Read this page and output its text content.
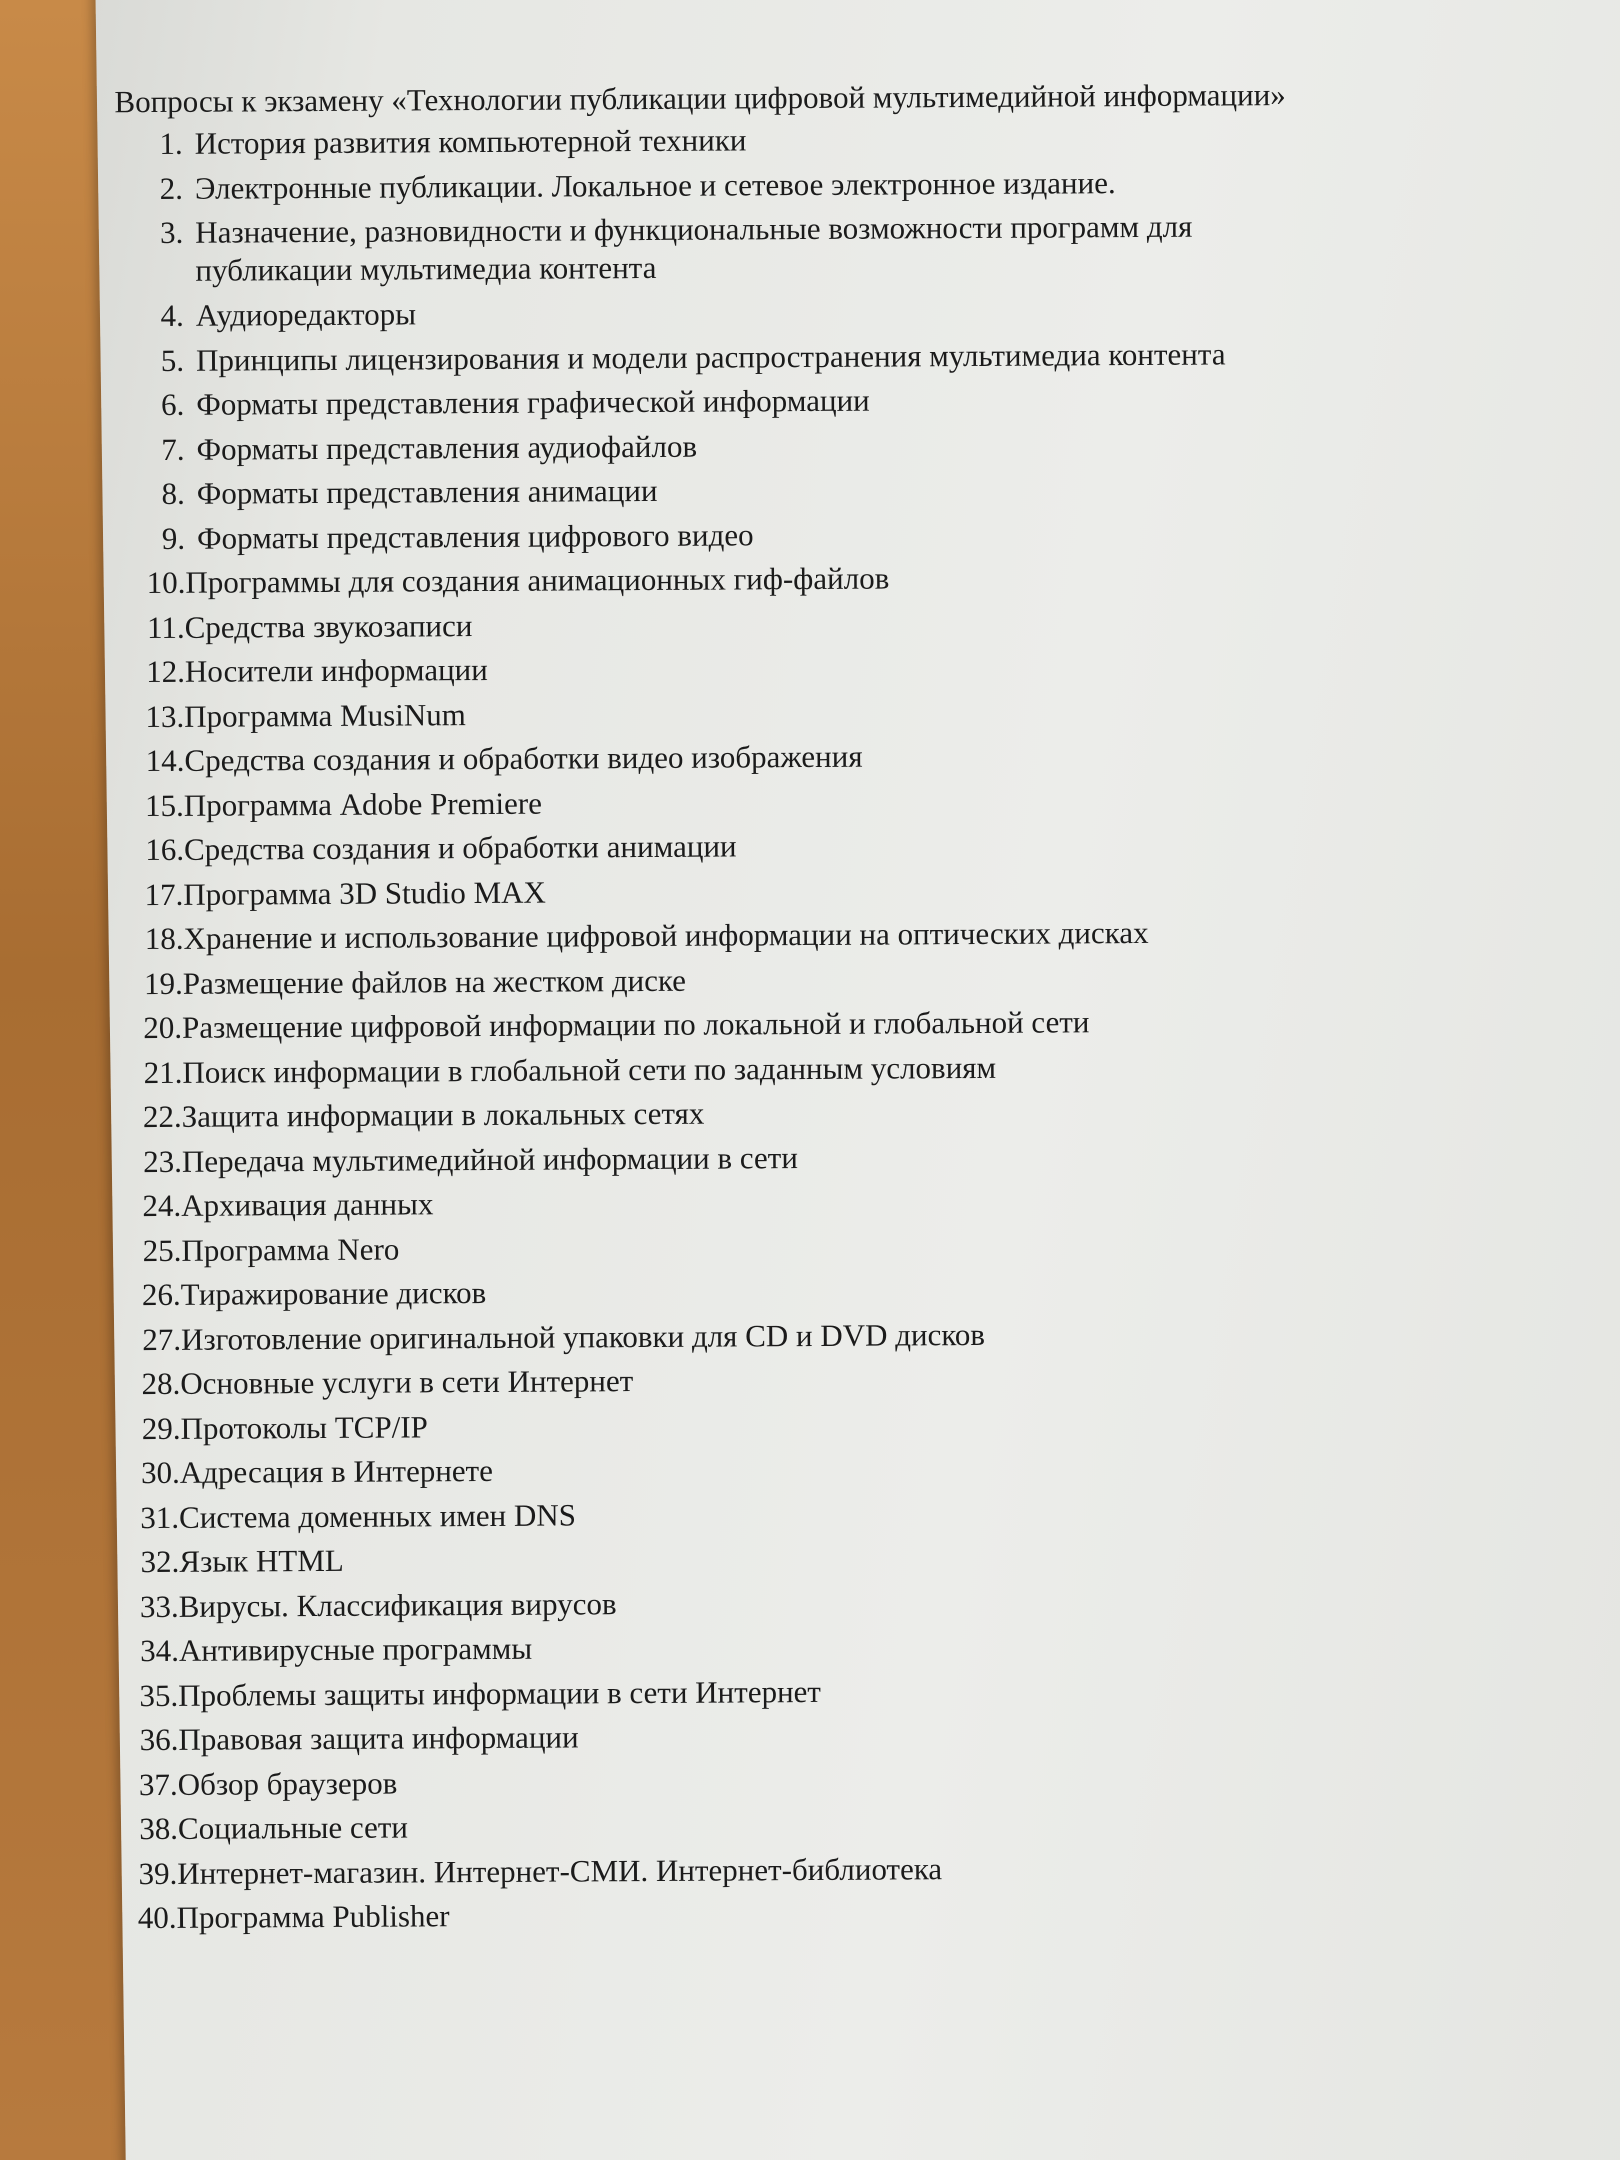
Вопросы к экзамену «Технологии публикации цифровой мультимедийной информации»
1. История развития компьютерной техники
2. Электронные публикации. Локальное и сетевое электронное издание.
3. Назначение, разновидности и функциональные возможности программ для публикации мультимедиа контента
4. Аудиоредакторы
5. Принципы лицензирования и модели распространения мультимедиа контента
6. Форматы представления графической информации
7. Форматы представления аудиофайлов
8. Форматы представления анимации
9. Форматы представления цифрового видео
10. Программы для создания анимационных гиф-файлов
11. Средства звукозаписи
12. Носители информации
13. Программа MusiNum
14. Средства создания и обработки видео изображения
15. Программа Adobe Premiere
16. Средства создания и обработки анимации
17. Программа 3D Studio MAX
18. Хранение и использование цифровой информации на оптических дисках
19. Размещение файлов на жестком диске
20. Размещение цифровой информации по локальной и глобальной сети
21. Поиск информации в глобальной сети по заданным условиям
22. Защита информации в локальных сетях
23. Передача мультимедийной информации в сети
24. Архивация данных
25. Программа Nero
26. Тиражирование дисков
27. Изготовление оригинальной упаковки для CD и DVD дисков
28. Основные услуги в сети Интернет
29. Протоколы TCP/IP
30. Адресация в Интернете
31. Система доменных имен DNS
32. Язык HTML
33. Вирусы. Классификация вирусов
34. Антивирусные программы
35. Проблемы защиты информации в сети Интернет
36. Правовая защита информации
37. Обзор браузеров
38. Социальные сети
39. Интернет-магазин. Интернет-СМИ. Интернет-библиотека
40. Программа Publisher
